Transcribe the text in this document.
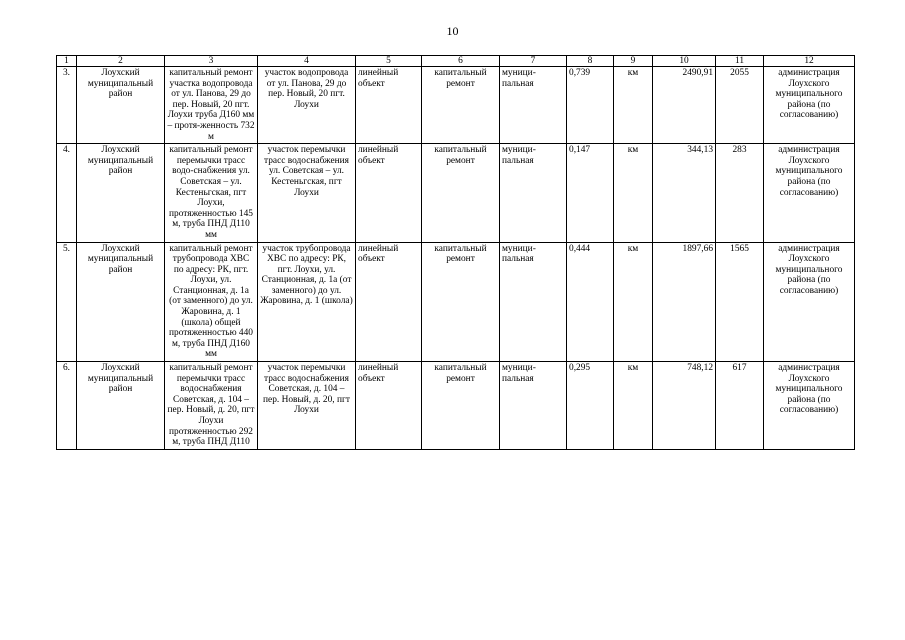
10
1	2	3	4	5	6	7	8	9	10	11	12
3.	Лоухский муниципальный район	капитальный ремонт участка водопровода от ул. Панова, 29 до пер. Новый, 20 пгт. Лоухи труба Д160 мм – протя-женность 732 м	участок водопровода от ул. Панова, 29 до пер. Новый, 20 пгт. Лоухи	линейный объект	капитальный ремонт	муници-пальная	0,739	км	2490,91	2055	администрация Лоухского муниципального района (по согласованию)
4.	Лоухский муниципальный район	капитальный ремонт перемычки трасс водо-снабжения ул. Советская – ул. Кестеньгская, пгт Лоухи, протяженностью 145 м, труба ПНД Д110 мм	участок перемычки трасс водоснабжения ул. Советская – ул. Кестеньгская, пгт Лоухи	линейный объект	капитальный ремонт	муници-пальная	0,147	км	344,13	283	администрация Лоухского муниципального района (по согласованию)
5.	Лоухский муниципальный район	капитальный ремонт трубопровода ХВС по адресу: РК, пгт. Лоухи, ул. Станционная, д. 1а (от заменного) до ул. Жаровина, д. 1 (школа) общей протяженностью 440 м, труба ПНД Д160 мм	участок трубопровода ХВС по адресу: РК, пгт. Лоухи, ул. Станционная, д. 1а (от заменного) до ул. Жаровина, д. 1 (школа)	линейный объект	капитальный ремонт	муници-пальная	0,444	км	1897,66	1565	администрация Лоухского муниципального района (по согласованию)
6.	Лоухский муниципальный район	капитальный ремонт перемычки трасс водоснабжения Советская, д. 104 – пер. Новый, д. 20, пгт Лоухи протяженностью 292 м, труба ПНД Д110	участок перемычки трасс водоснабжения Советская, д. 104 – пер. Новый, д. 20, пгт Лоухи	линейный объект	капитальный ремонт	муници-пальная	0,295	км	748,12	617	администрация Лоухского муниципального района (по согласованию)
